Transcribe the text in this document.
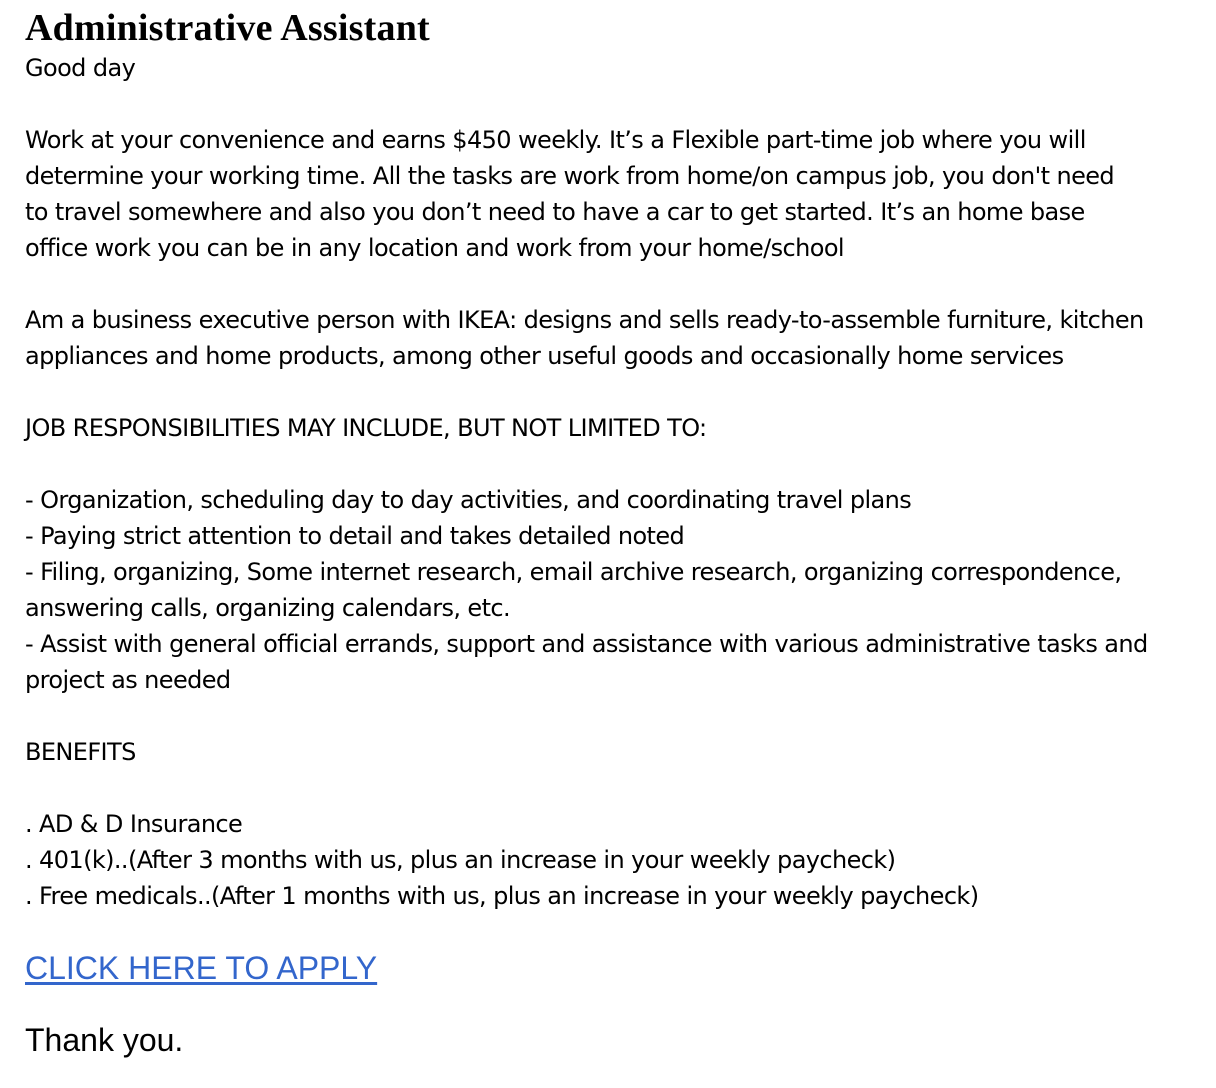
Administrative Assistant

Good day

Work at your convenience and earns $450 weekly. It’s a Flexible part-time job where you will

determine your working time. All the tasks are work from home/on campus job, you don't need

to travel somewhere and also you don’t need to have a car to get started. It’s an home base

office work you can be in any location and work from your home/school

Am a business executive person with IKEA: designs and sells ready-to-assemble furniture, kitchen

appliances and home products, among other useful goods and occasionally home services

JOB RESPONSIBILITIES MAY INCLUDE, BUT NOT LIMITED TO:

- Organization, scheduling day to day activities, and coordinating travel plans

- Paying strict attention to detail and takes detailed noted

- Filing, organizing, Some internet research, email archive research, organizing correspondence,

answering calls, organizing calendars, etc.

- Assist with general official errands, support and assistance with various administrative tasks and

project as needed

BENEFITS

. AD & D Insurance

. 401(k)..(After 3 months with us, plus an increase in your weekly paycheck)

. Free medicals..(After 1 months with us, plus an increase in your weekly paycheck)

CLICK HERE TO APPLY
Thank you.
